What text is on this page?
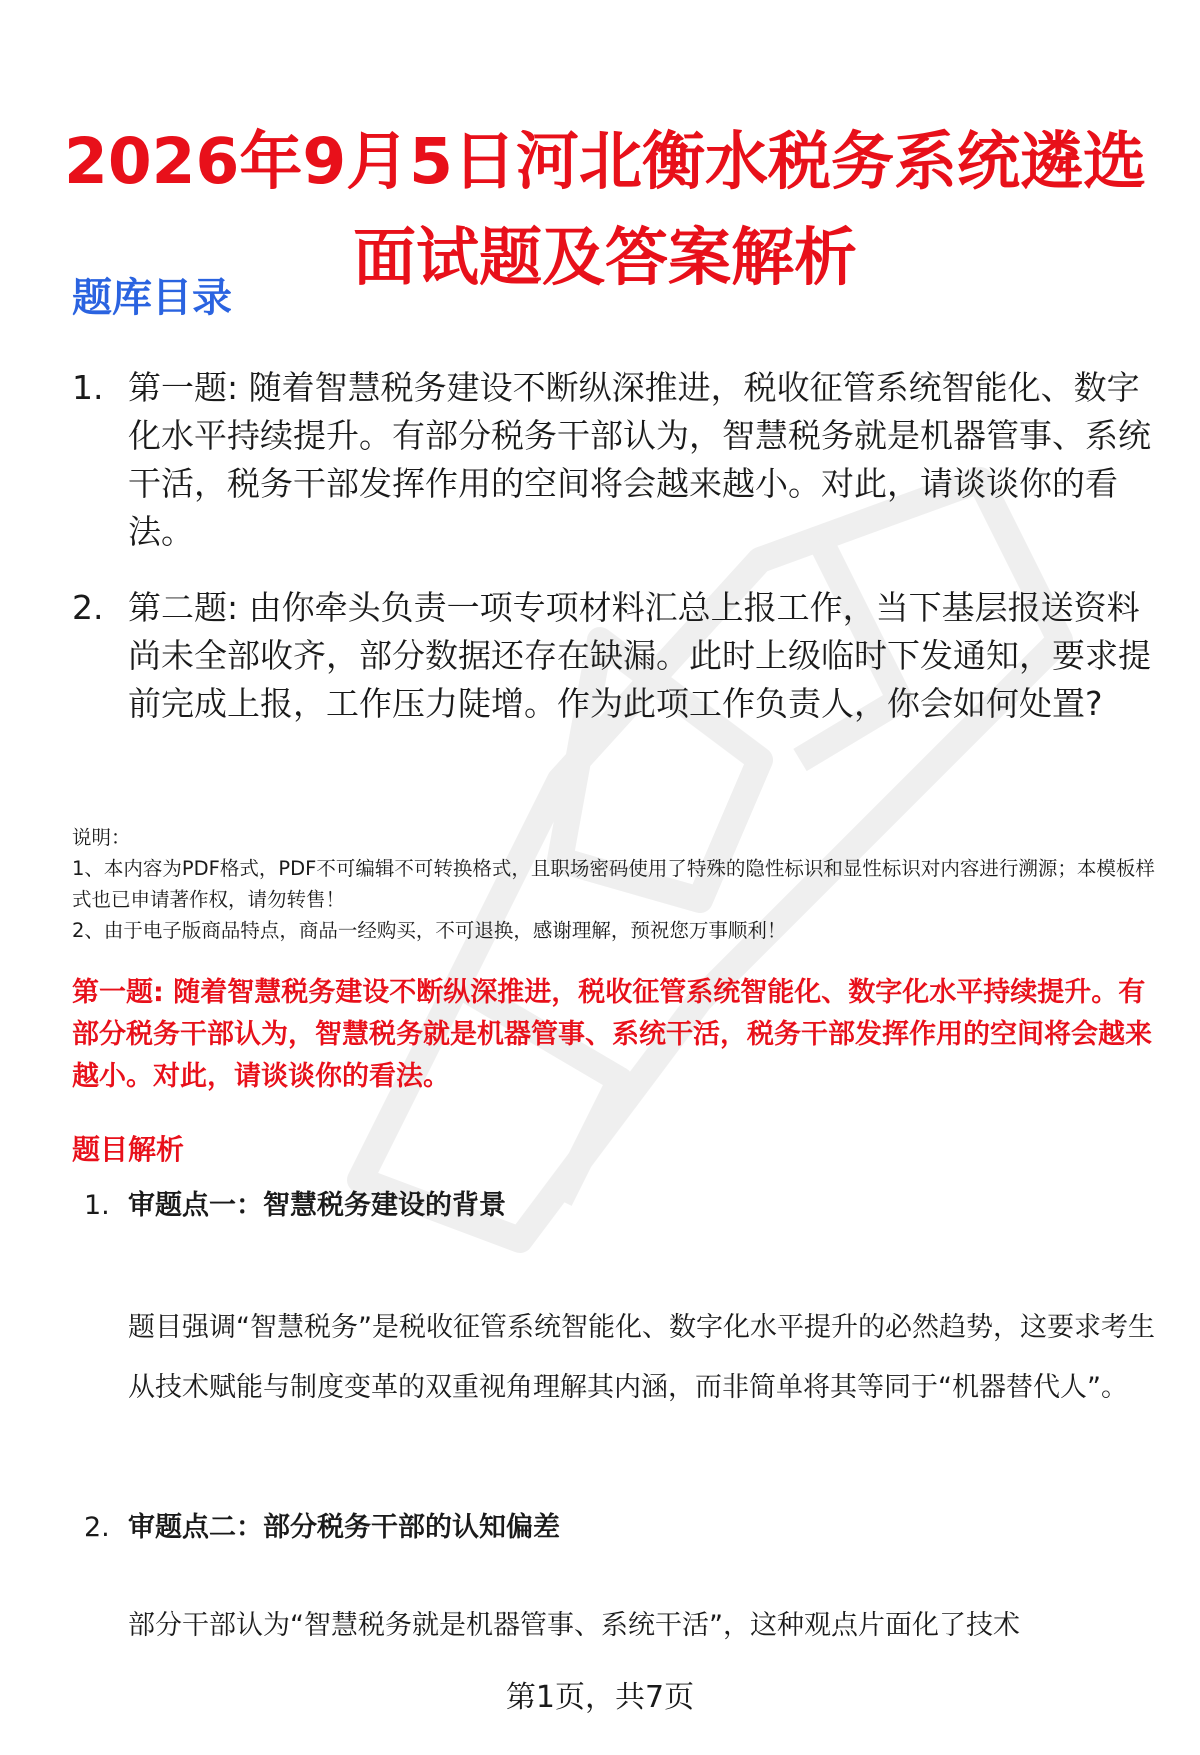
2026年9月5日河北衡水税务系统遴选面试题及答案解析
题库目录
1. 第一题: 随着智慧税务建设不断纵深推进，税收征管系统智能化、数字化水平持续提升。有部分税务干部认为，智慧税务就是机器管事、系统干活，税务干部发挥作用的空间将会越来越小。对此，请谈谈你的看法。
2. 第二题: 由你牵头负责一项专项材料汇总上报工作，当下基层报送资料尚未全部收齐，部分数据还存在缺漏。此时上级临时下发通知，要求提前完成上报，工作压力陡增。作为此项工作负责人，你会如何处置?
说明：
1、本内容为PDF格式，PDF不可编辑不可转换格式，且职场密码使用了特殊的隐性标识和显性标识对内容进行溯源；本模板样式也已申请著作权，请勿转售！
2、由于电子版商品特点，商品一经购买，不可退换，感谢理解，预祝您万事顺利！
第一题: 随着智慧税务建设不断纵深推进，税收征管系统智能化、数字化水平持续提升。有部分税务干部认为，智慧税务就是机器管事、系统干活，税务干部发挥作用的空间将会越来越小。对此，请谈谈你的看法。
题目解析
1. 审题点一：智慧税务建设的背景
题目强调“智慧税务”是税收征管系统智能化、数字化水平提升的必然趋势，这要求考生从技术赋能与制度变革的双重视角理解其内涵，而非简单将其等同于“机器替代人”。
2. 审题点二：部分税务干部的认知偏差
部分干部认为“智慧税务就是机器管事、系统干活”，这种观点片面化了技术
第1页，共7页
